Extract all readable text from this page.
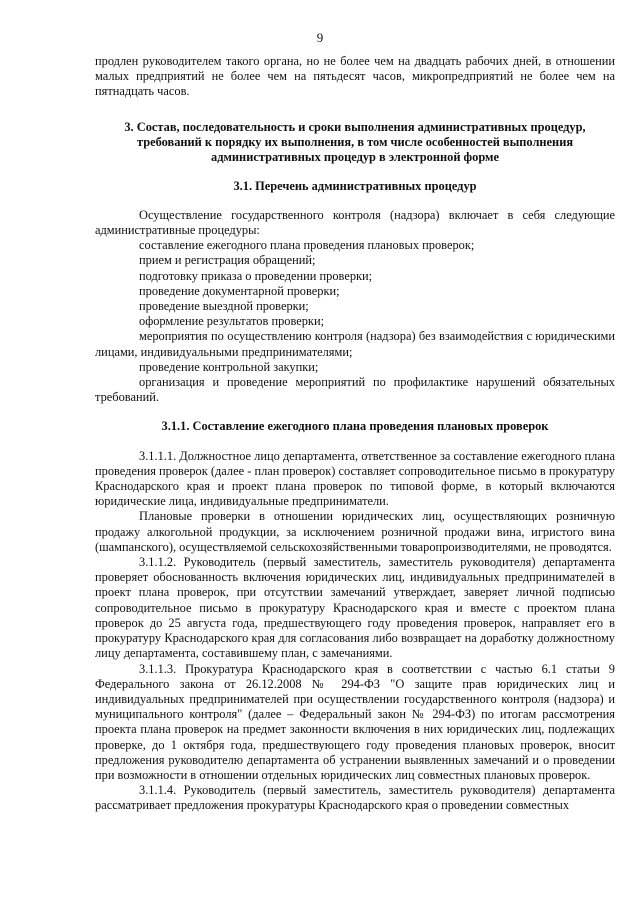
9

продлен руководителем такого органа, но не более чем на двадцать рабочих дней, в отношении малых предприятий не более чем на пятьдесят часов, микропредприятий не более чем на пятнадцать часов.

3. Состав, последовательность и сроки выполнения административных процедур, требований к порядку их выполнения, в том числе особенностей выполнения административных процедур в электронной форме

3.1. Перечень административных процедур

Осуществление государственного контроля (надзора) включает в себя следующие административные процедуры:

составление ежегодного плана проведения плановых проверок;

прием и регистрация обращений;

подготовку приказа о проведении проверки;

проведение документарной проверки;

проведение выездной проверки;

оформление результатов проверки;

мероприятия по осуществлению контроля (надзора) без взаимодействия с юридическими лицами, индивидуальными предпринимателями;

проведение контрольной закупки;

организация и проведение мероприятий по профилактике нарушений обязательных требований.

3.1.1. Составление ежегодного плана проведения плановых проверок

3.1.1.1. Должностное лицо департамента, ответственное за составление ежегодного плана проведения проверок (далее - план проверок) составляет сопроводительное письмо в прокуратуру Краснодарского края и проект плана проверок по типовой форме, в который включаются юридические лица, индивидуальные предприниматели.

Плановые проверки в отношении юридических лиц, осуществляющих розничную продажу алкогольной продукции, за исключением розничной продажи вина, игристого вина (шампанского), осуществляемой сельскохозяйственными товаропроизводителями, не проводятся.

3.1.1.2. Руководитель (первый заместитель, заместитель руководителя) департамента проверяет обоснованность включения юридических лиц, индивидуальных предпринимателей в проект плана проверок, при отсутствии замечаний утверждает, заверяет личной подписью сопроводительное письмо в прокуратуру Краснодарского края и вместе с проектом плана проверок до 25 августа года, предшествующего году проведения проверок, направляет его в прокуратуру Краснодарского края для согласования либо возвращает на доработку должностному лицу департамента, составившему план, с замечаниями.

3.1.1.3. Прокуратура Краснодарского края в соответствии с частью 6.1 статьи 9 Федерального закона от 26.12.2008 № 294-ФЗ "О защите прав юридических лиц и индивидуальных предпринимателей при осуществлении государственного контроля (надзора) и муниципального контроля" (далее – Федеральный закон № 294-ФЗ) по итогам рассмотрения проекта плана проверок на предмет законности включения в них юридических лиц, подлежащих проверке, до 1 октября года, предшествующего году проведения плановых проверок, вносит предложения руководителю департамента об устранении выявленных замечаний и о проведении при возможности в отношении отдельных юридических лиц совместных плановых проверок.

3.1.1.4. Руководитель (первый заместитель, заместитель руководителя) департамента рассматривает предложения прокуратуры Краснодарского края о проведении совместных
